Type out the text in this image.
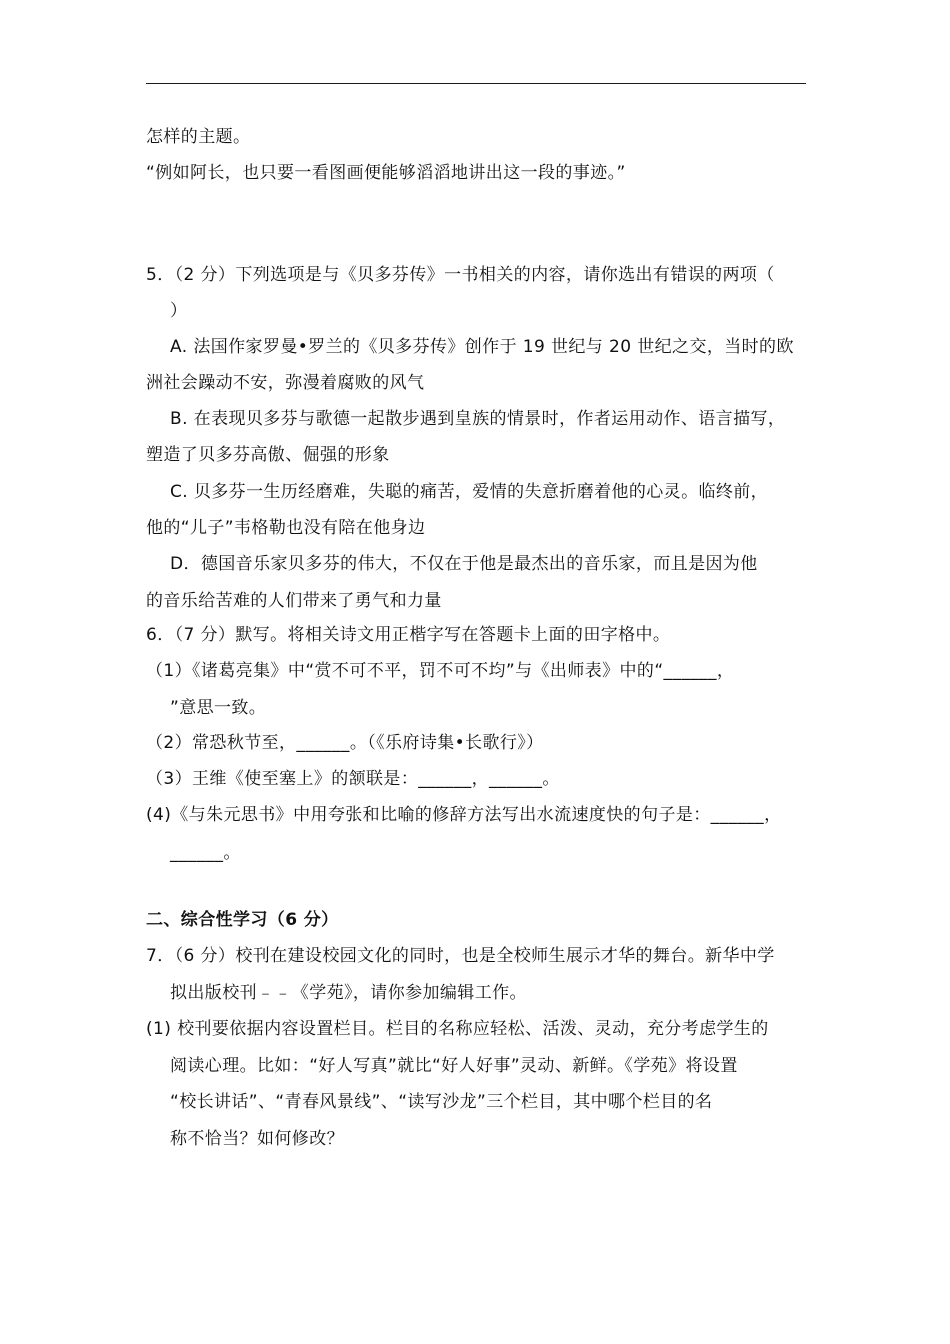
怎样的主题。
“例如阿长，也只要一看图画便能够滔滔地讲出这一段的事迹。”
5．（2 分）下列选项是与《贝多芬传》一书相关的内容，请你选出有错误的两项（
）
A. 法国作家罗曼•罗兰的《贝多芬传》创作于 19 世纪与 20 世纪之交，当时的欧
洲社会躁动不安，弥漫着腐败的风气
B. 在表现贝多芬与歌德一起散步遇到皇族的情景时，作者运用动作、语言描写，
塑造了贝多芬高傲、倔强的形象
C. 贝多芬一生历经磨难，失聪的痛苦，爱情的失意折磨着他的心灵。临终前，
他的“儿子”韦格勒也没有陪在他身边
D．德国音乐家贝多芬的伟大，不仅在于他是最杰出的音乐家，而且是因为他
的音乐给苦难的人们带来了勇气和力量
6．（7 分）默写。将相关诗文用正楷字写在答题卡上面的田字格中。
（1）《诸葛亮集》中“赏不可不平，罚不可不均”与《出师表》中的“______，
”意思一致。
（2）常恐秋节至，______。（《乐府诗集•长歌行》）
（3）王维《使至塞上》的颔联是：______，______。
(4)《与朱元思书》中用夸张和比喻的修辞方法写出水流速度快的句子是：______，
______。
二、综合性学习（6 分）
7．（6 分）校刊在建设校园文化的同时，也是全校师生展示才华的舞台。新华中学
拟出版校刊﹣﹣《学苑》，请你参加编辑工作。
(1) 校刊要依据内容设置栏目。栏目的名称应轻松、活泼、灵动，充分考虑学生的
阅读心理。比如：“好人写真”就比“好人好事”灵动、新鲜。《学苑》将设置
“校长讲话”、“青春风景线”、“读写沙龙”三个栏目，其中哪个栏目的名
称不恰当？如何修改？
